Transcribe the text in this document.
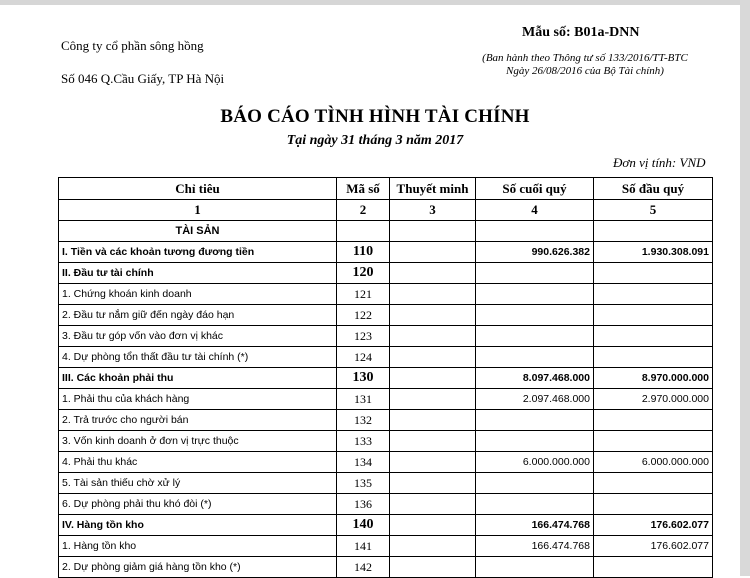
Công ty cổ phần sông hồng
Số 046 Q.Cầu Giấy, TP Hà Nội
Mẫu số: B01a-DNN
(Ban hành theo Thông tư số 133/2016/TT-BTC
Ngày 26/08/2016 của Bộ Tài chính)
BÁO CÁO TÌNH HÌNH TÀI CHÍNH
Tại ngày 31 tháng 3 năm 2017
Đơn vị tính: VND
Chỉ tiêu	Mã số	Thuyết minh	Số cuối quý	Số đầu quý
1	2	3	4	5
TÀI SẢN				
I. Tiền và các khoản tương đương tiền	110		990.626.382	1.930.308.091
II. Đầu tư tài chính	120			
1. Chứng khoán kinh doanh	121			
2. Đầu tư nắm giữ đến ngày đáo hạn	122			
3. Đầu tư góp vốn vào đơn vị khác	123			
4. Dự phòng tổn thất đầu tư tài chính (*)	124			
III. Các khoản phải thu	130		8.097.468.000	8.970.000.000
1. Phải thu của khách hàng	131		2.097.468.000	2.970.000.000
2. Trả trước cho người bán	132			
3. Vốn kinh doanh ở đơn vị trực thuộc	133			
4. Phải thu khác	134		6.000.000.000	6.000.000.000
5. Tài sản thiếu chờ xử lý	135			
6. Dự phòng phải thu khó đòi (*)	136			
IV. Hàng tồn kho	140		166.474.768	176.602.077
1. Hàng tồn kho	141		166.474.768	176.602.077
2. Dự phòng giảm giá hàng tồn kho (*)	142			
